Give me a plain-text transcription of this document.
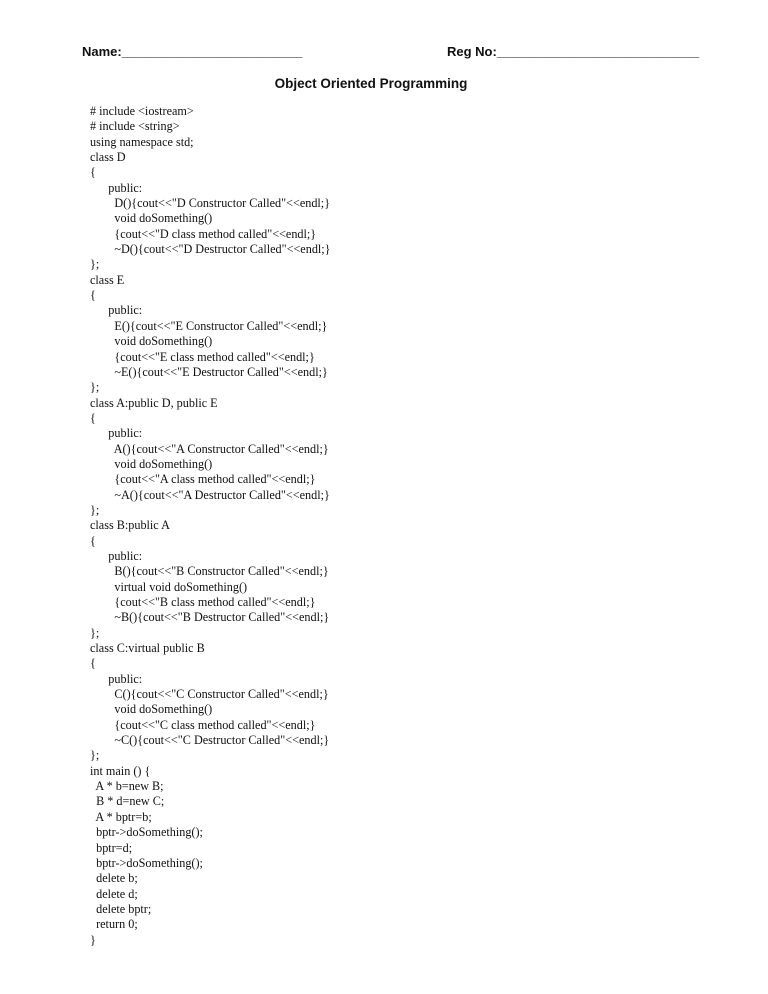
Name:_________________________	Reg No:____________________________
Object Oriented Programming
# include <iostream>
# include <string>
using namespace std;
class D
{
public:
D(){cout<<"D Constructor Called"<<endl;}
void doSomething()
{cout<<"D class method called"<<endl;}
~D(){cout<<"D Destructor Called"<<endl;}
};
class E
{
public:
E(){cout<<"E Constructor Called"<<endl;}
void doSomething()
{cout<<"E class method called"<<endl;}
~E(){cout<<"E Destructor Called"<<endl;}
};
class A:public D, public E
{
public:
A(){cout<<"A Constructor Called"<<endl;}
void doSomething()
{cout<<"A class method called"<<endl;}
~A(){cout<<"A Destructor Called"<<endl;}
};
class B:public A
{
public:
B(){cout<<"B Constructor Called"<<endl;}
virtual void doSomething()
{cout<<"B class method called"<<endl;}
~B(){cout<<"B Destructor Called"<<endl;}
};
class C:virtual public B
{
public:
C(){cout<<"C Constructor Called"<<endl;}
void doSomething()
{cout<<"C class method called"<<endl;}
~C(){cout<<"C Destructor Called"<<endl;}
};
int main () {
A * b=new B;
B * d=new C;
A * bptr=b;
bptr->doSomething();
bptr=d;
bptr->doSomething();
delete b;
delete d;
delete bptr;
return 0;
}
